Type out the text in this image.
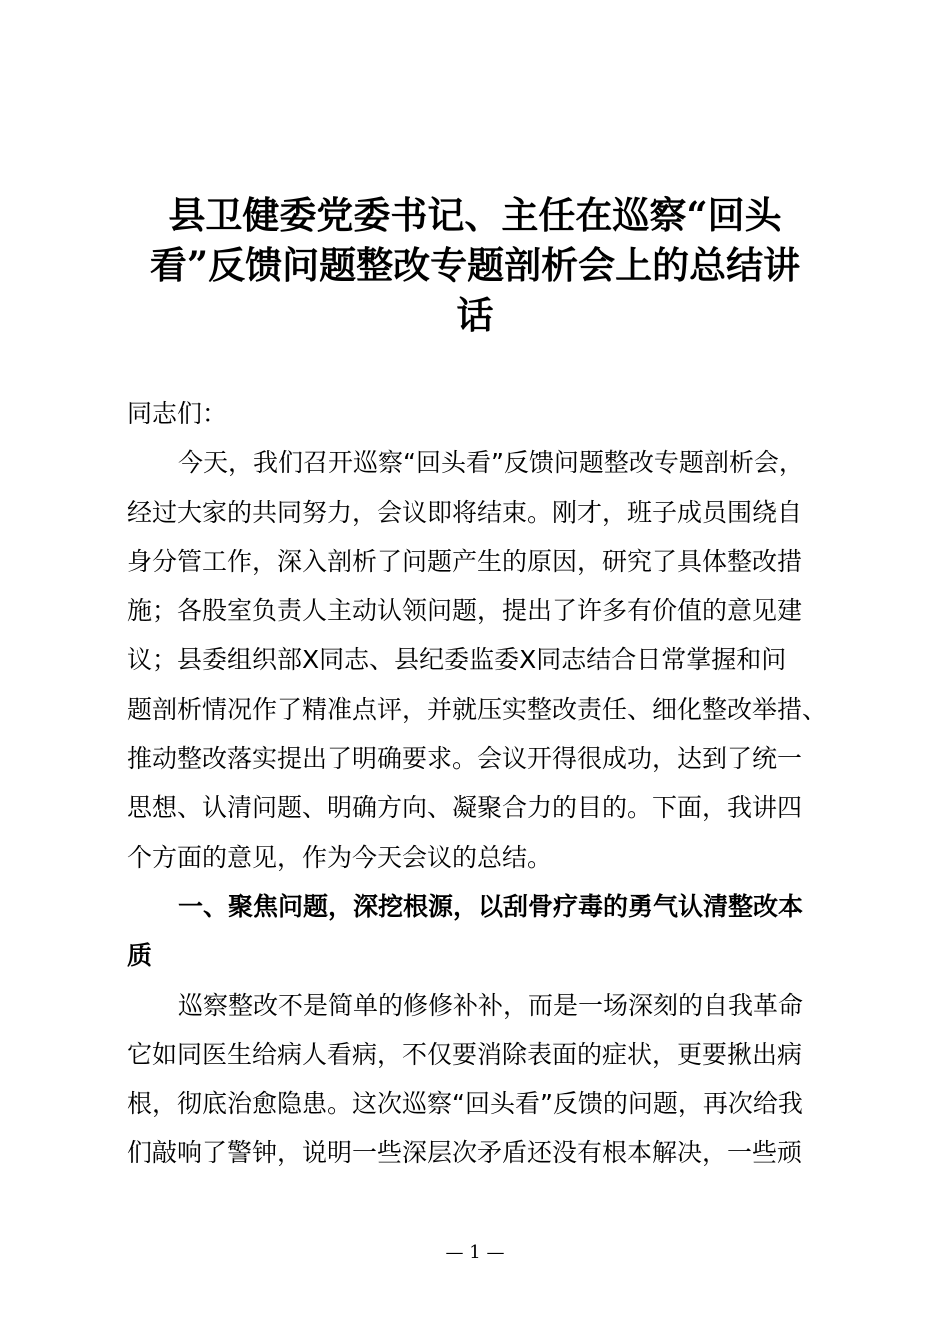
县卫健委党委书记、主任在巡察“回头
看”反馈问题整改专题剖析会上的总结讲
话
同志们：
今天，我们召开巡察“回头看”反馈问题整改专题剖析会，
经过大家的共同努力，会议即将结束。刚才，班子成员围绕自
身分管工作，深入剖析了问题产生的原因，研究了具体整改措
施；各股室负责人主动认领问题，提出了许多有价值的意见建
议；县委组织部X同志、县纪委监委X同志结合日常掌握和问
题剖析情况作了精准点评，并就压实整改责任、细化整改举措、
推动整改落实提出了明确要求。会议开得很成功，达到了统一
思想、认清问题、明确方向、凝聚合力的目的。下面，我讲四
个方面的意见，作为今天会议的总结。
一、聚焦问题，深挖根源，以刮骨疗毒的勇气认清整改本
质
巡察整改不是简单的修修补补，而是一场深刻的自我革命
它如同医生给病人看病，不仅要消除表面的症状，更要揪出病
根，彻底治愈隐患。这次巡察“回头看”反馈的问题，再次给我
们敲响了警钟，说明一些深层次矛盾还没有根本解决，一些顽
— 1 —
